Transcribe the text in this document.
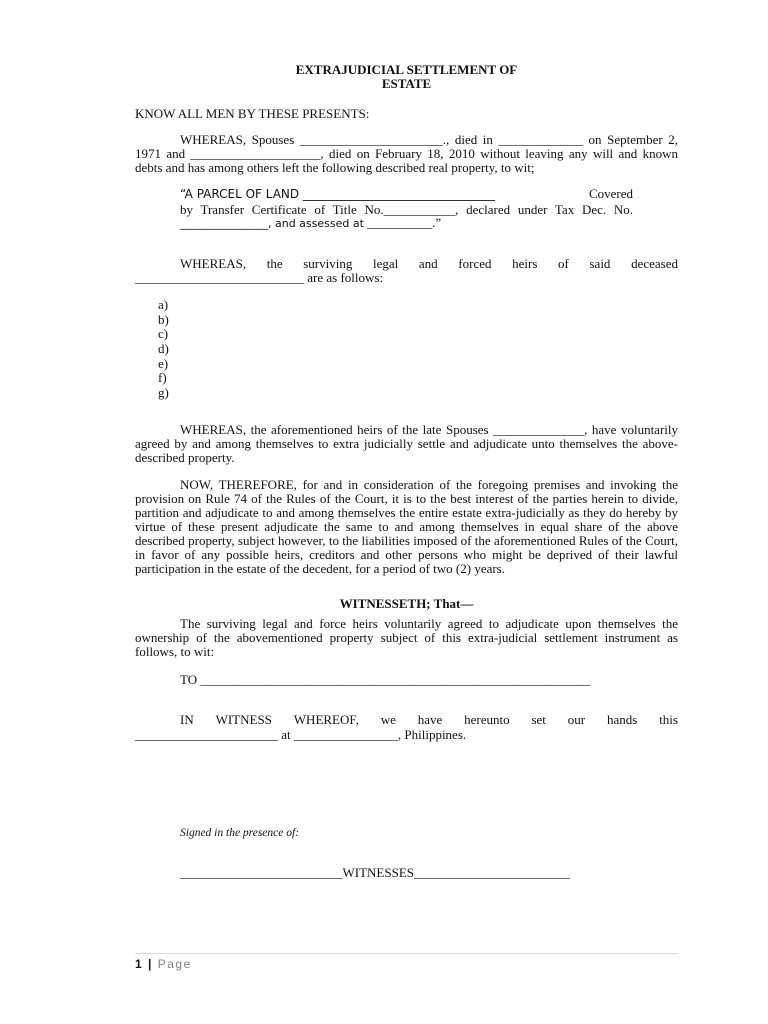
EXTRAJUDICIAL SETTLEMENT OF
ESTATE
KNOW ALL MEN BY THESE PRESENTS:
WHEREAS, Spouses ______________________., died in _____________ on September 2, 1971 and ____________________, died on February 18, 2010 without leaving any will and known debts and has among others left the following described real property, to wit;
“A PARCEL OF LAND ________________________________	Covered
by Transfer Certificate of Title No.___________, declared under Tax Dec. No.
________________, and assessed at __________.”
WHEREAS, the surviving legal and forced heirs of said deceased
__________________________ are as follows:
a)
b)
c)
d)
e)
f)
g)
WHEREAS, the aforementioned heirs of the late Spouses ______________, have voluntarily agreed by and among themselves to extra judicially settle and adjudicate unto themselves the above-described property.
NOW, THEREFORE, for and in consideration of the foregoing premises and invoking the provision on Rule 74 of the Rules of the Court, it is to the best interest of the parties herein to divide, partition and adjudicate to and among themselves the entire estate extra-judicially as they do hereby by virtue of these present adjudicate the same to and among themselves in equal share of the above described property, subject however, to the liabilities imposed of the aforementioned Rules of the Court, in favor of any possible heirs, creditors and other persons who might be deprived of their lawful participation in the estate of the decedent, for a period of two (2) years.
WITNESSETH; That—
The surviving legal and force heirs voluntarily agreed to adjudicate upon themselves the ownership of the abovementioned property subject of this extra-judicial settlement instrument as follows, to wit:
TO ____________________________________________________________
IN WITNESS WHEREOF, we have hereunto set our hands this
______________________ at ________________, Philippines.
Signed in the presence of:
_________________________WITNESSES________________________
1 | Page
